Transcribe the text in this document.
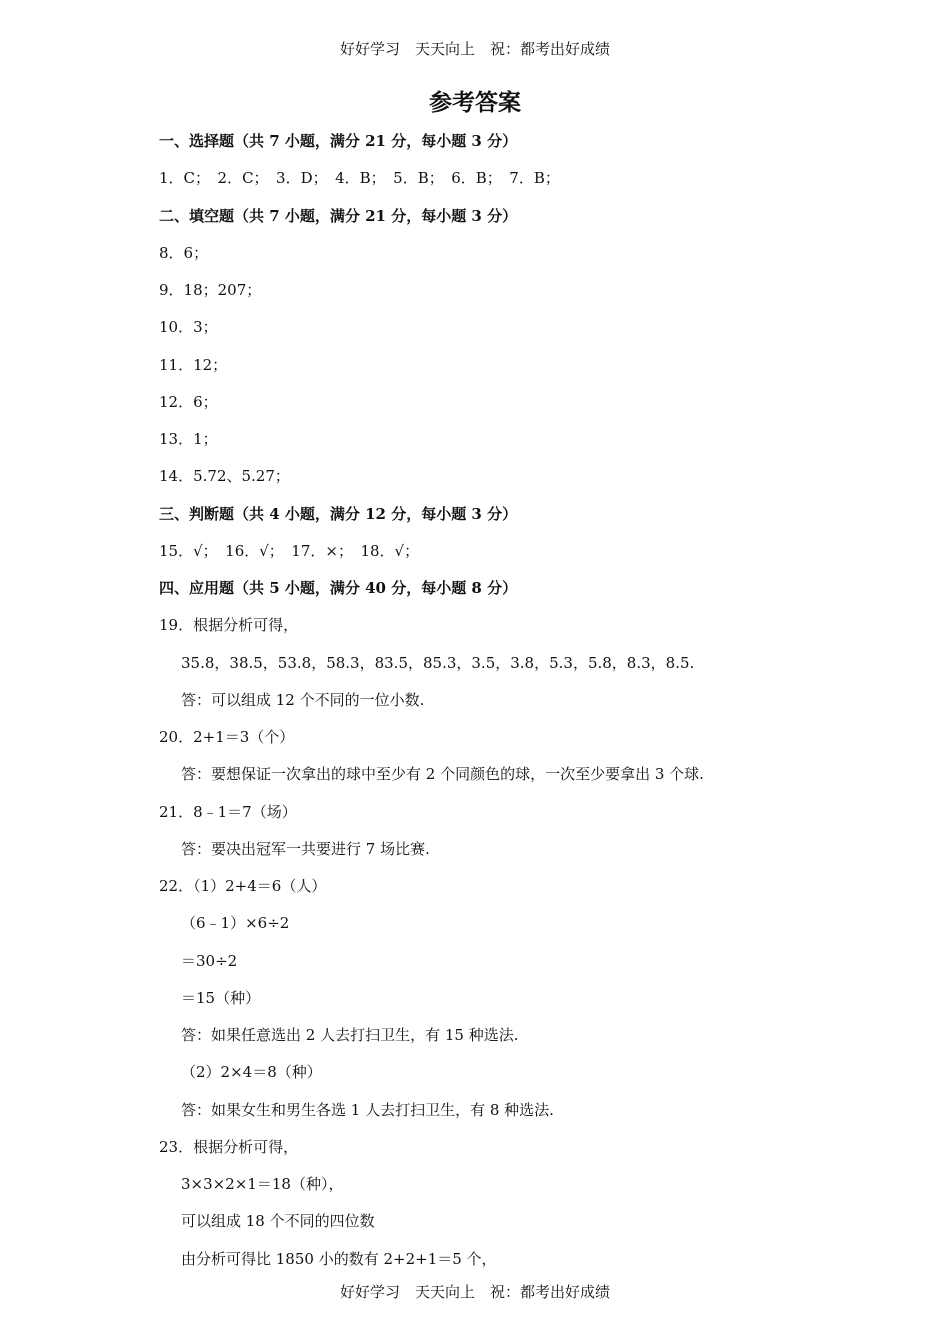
好好学习　天天向上　祝：都考出好成绩
参考答案
一、选择题（共 7 小题，满分 21 分，每小题 3 分）
1．C；　2．C；　3．D；　4．B；　5．B；　6．B；　7．B；
二、填空题（共 7 小题，满分 21 分，每小题 3 分）
8．6；
9．18；207；
10．3；
11．12；
12．6；
13．1；
14．5.72、5.27；
三、判断题（共 4 小题，满分 12 分，每小题 3 分）
15．√；　16．√；　17．×；　18．√；
四、应用题（共 5 小题，满分 40 分，每小题 8 分）
19．根据分析可得，
35.8，38.5，53.8，58.3，83.5，85.3，3.5，3.8，5.3，5.8，8.3，8.5.
答：可以组成 12 个不同的一位小数.
20．2+1＝3（个）
答：要想保证一次拿出的球中至少有 2 个同颜色的球，一次至少要拿出 3 个球.
21．8﹣1＝7（场）
答：要决出冠军一共要进行 7 场比赛.
22．（1）2+4＝6（人）
（6﹣1）×6÷2
＝30÷2
＝15（种）
答：如果任意选出 2 人去打扫卫生，有 15 种选法.
（2）2×4＝8（种）
答：如果女生和男生各选 1 人去打扫卫生，有 8 种选法.
23．根据分析可得，
3×3×2×1＝18（种），
可以组成 18 个不同的四位数
由分析可得比 1850 小的数有 2+2+1＝5 个，
好好学习　天天向上　祝：都考出好成绩
